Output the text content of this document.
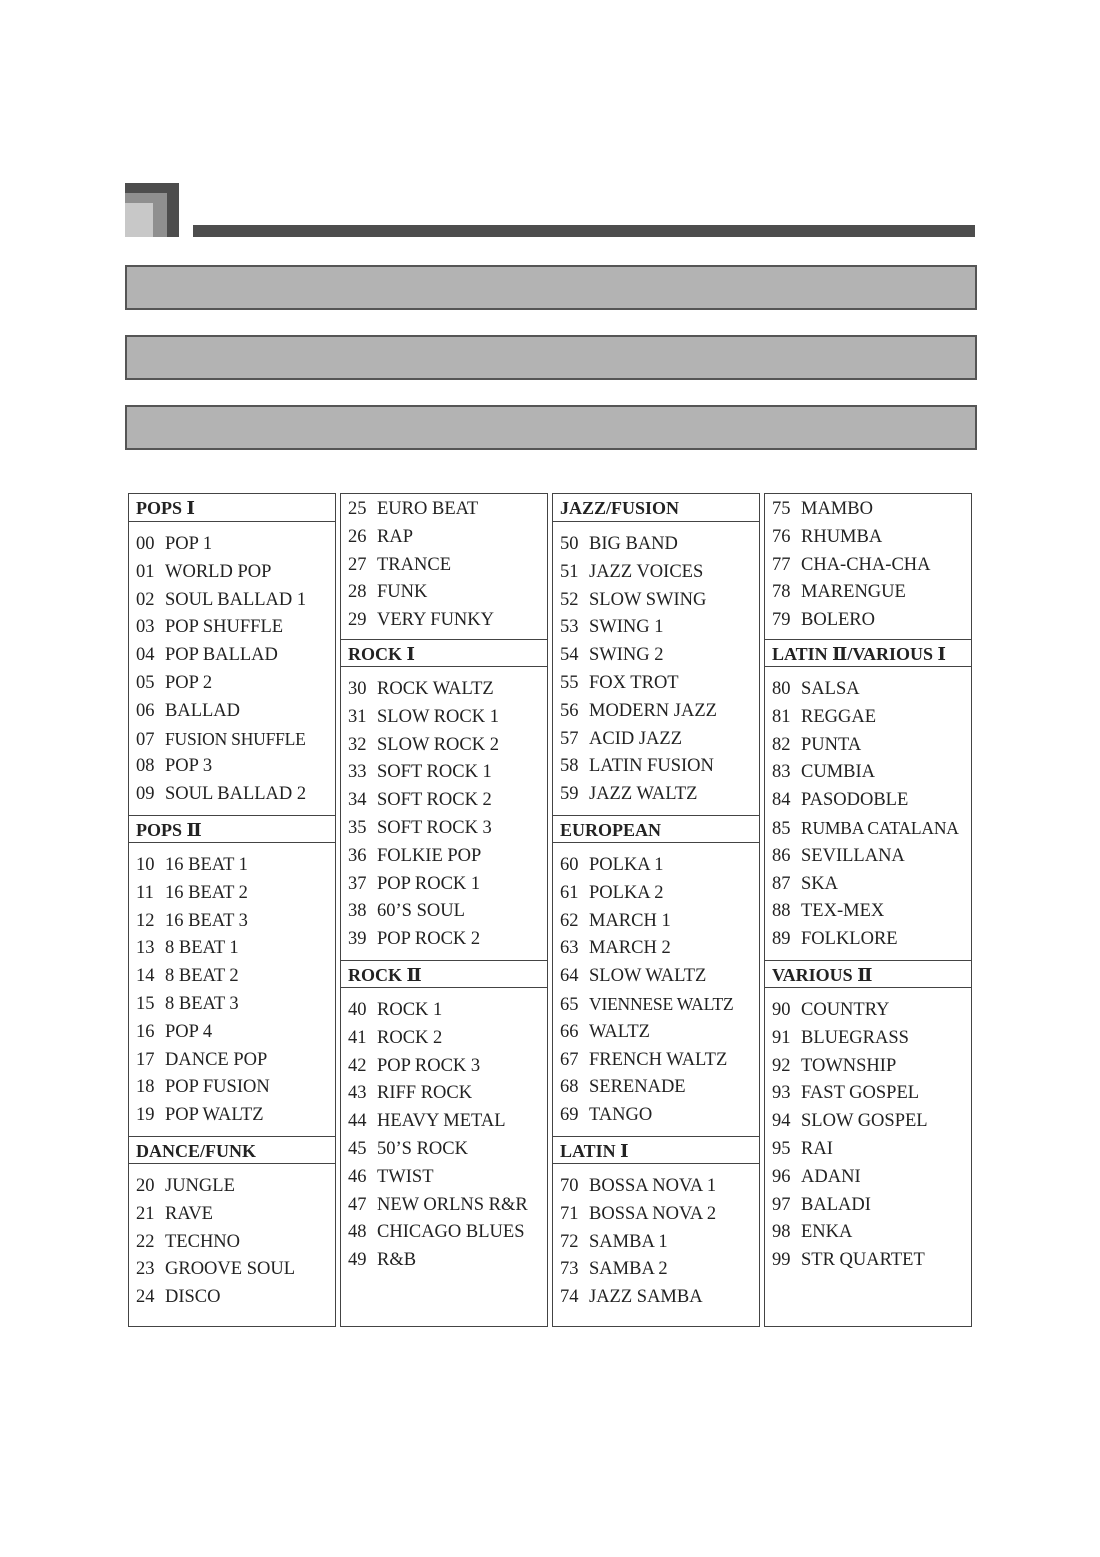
POPS Ⅰ
00 POP 1
01 WORLD POP
02 SOUL BALLAD 1
03 POP SHUFFLE
04 POP BALLAD
05 POP 2
06 BALLAD
07 FUSION SHUFFLE
08 POP 3
09 SOUL BALLAD 2
POPS Ⅱ
10 16 BEAT 1
11 16 BEAT 2
12 16 BEAT 3
13 8 BEAT 1
14 8 BEAT 2
15 8 BEAT 3
16 POP 4
17 DANCE POP
18 POP FUSION
19 POP WALTZ
DANCE/FUNK
20 JUNGLE
21 RAVE
22 TECHNO
23 GROOVE SOUL
24 DISCO
25 EURO BEAT
26 RAP
27 TRANCE
28 FUNK
29 VERY FUNKY
ROCK Ⅰ
30 ROCK WALTZ
31 SLOW ROCK 1
32 SLOW ROCK 2
33 SOFT ROCK 1
34 SOFT ROCK 2
35 SOFT ROCK 3
36 FOLKIE POP
37 POP ROCK 1
38 60’S SOUL
39 POP ROCK 2
ROCK Ⅱ
40 ROCK 1
41 ROCK 2
42 POP ROCK 3
43 RIFF ROCK
44 HEAVY METAL
45 50’S ROCK
46 TWIST
47 NEW ORLNS R&R
48 CHICAGO BLUES
49 R&B
JAZZ/FUSION
50 BIG BAND
51 JAZZ VOICES
52 SLOW SWING
53 SWING 1
54 SWING 2
55 FOX TROT
56 MODERN JAZZ
57 ACID JAZZ
58 LATIN FUSION
59 JAZZ WALTZ
EUROPEAN
60 POLKA 1
61 POLKA 2
62 MARCH 1
63 MARCH 2
64 SLOW WALTZ
65 VIENNESE WALTZ
66 WALTZ
67 FRENCH WALTZ
68 SERENADE
69 TANGO
LATIN Ⅰ
70 BOSSA NOVA 1
71 BOSSA NOVA 2
72 SAMBA 1
73 SAMBA 2
74 JAZZ SAMBA
75 MAMBO
76 RHUMBA
77 CHA-CHA-CHA
78 MARENGUE
79 BOLERO
LATIN Ⅱ/VARIOUS Ⅰ
80 SALSA
81 REGGAE
82 PUNTA
83 CUMBIA
84 PASODOBLE
85 RUMBA CATALANA
86 SEVILLANA
87 SKA
88 TEX-MEX
89 FOLKLORE
VARIOUS Ⅱ
90 COUNTRY
91 BLUEGRASS
92 TOWNSHIP
93 FAST GOSPEL
94 SLOW GOSPEL
95 RAI
96 ADANI
97 BALADI
98 ENKA
99 STR QUARTET
